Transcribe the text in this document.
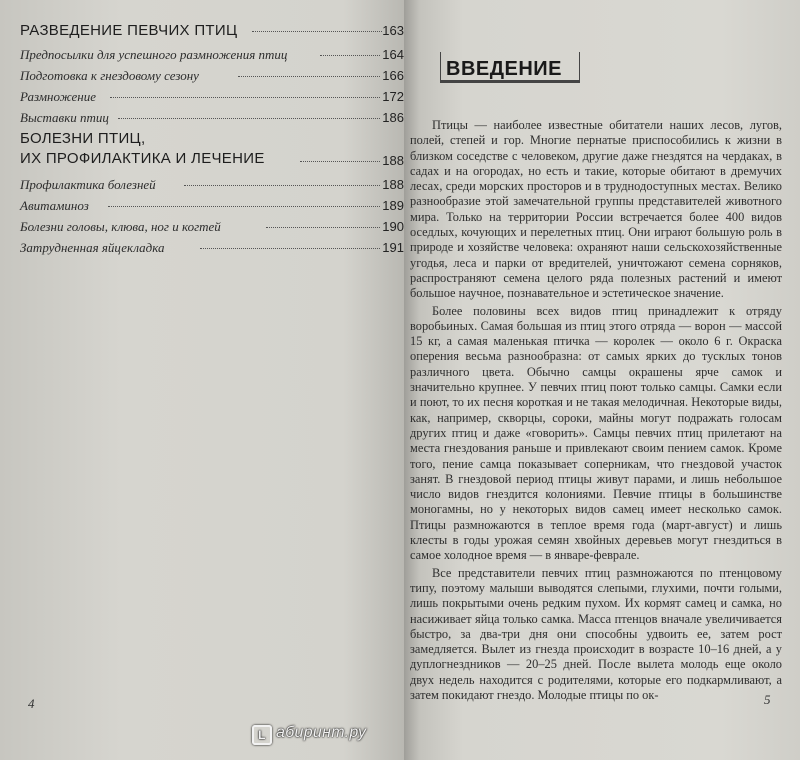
РАЗВЕДЕНИЕ ПЕВЧИХ ПТИЦ	163
Предпосылки для успешного размножения птиц	164
Подготовка к гнездовому сезону	166
Размножение	172
Выставки птиц	186
БОЛЕЗНИ ПТИЦ,
ИХ ПРОФИЛАКТИКА И ЛЕЧЕНИЕ	188
Профилактика болезней	188
Авитаминоз	189
Болезни головы, клюва, ног и когтей	190
Затрудненная яйцекладка	191
4
ВВЕДЕНИЕ

Птицы — наиболее известные обитатели наших лесов, лугов, полей, степей и гор. Многие пернатые приспособились к жизни в близком соседстве с человеком, другие даже гнездятся на чердаках, в садах и на огородах, но есть и такие, которые обитают в дремучих лесах, среди морских просторов и в труднодоступных местах. Велико разнообразие этой замечательной группы представителей животного мира. Только на территории России встречается более 400 видов оседлых, кочующих и перелетных птиц. Они играют большую роль в природе и хозяйстве человека: охраняют наши сельскохозяйственные угодья, леса и парки от вредителей, уничтожают семена сорняков, распространяют семена целого ряда полезных растений и имеют большое научное, познавательное и эстетическое значение.

Более половины всех видов птиц принадлежит к отряду воробьиных. Самая большая из птиц этого отряда — ворон — массой 15 кг, а самая маленькая птичка — королек — около 6 г. Окраска оперения весьма разнообразна: от самых ярких до тусклых тонов различного цвета. Обычно самцы окрашены ярче самок и значительно крупнее. У певчих птиц поют только самцы. Самки если и поют, то их песня короткая и не такая мелодичная. Некоторые виды, как, например, скворцы, сороки, майны могут подражать голосам других птиц и даже «говорить». Самцы певчих птиц прилетают на места гнездования раньше и привлекают своим пением самок. Кроме того, пение самца показывает соперникам, что гнездовой участок занят. В гнездовой период птицы живут парами, и лишь небольшое число видов гнездится колониями. Певчие птицы в большинстве моногамны, но у некоторых видов самец имеет несколько самок. Птицы размножаются в теплое время года (март-август) и лишь клесты в годы урожая семян хвойных деревьев могут гнездиться в самое холодное время — в январе-феврале.

Все представители певчих птиц размножаются по птенцовому типу, поэтому малыши выводятся слепыми, глухими, почти голыми, лишь покрытыми очень редким пухом. Их кормят самец и самка, но насиживает яйца только самка. Масса птенцов вначале увеличивается быстро, за два-три дня они способны удвоить ее, затем рост замедляется. Вылет из гнезда происходит в возрасте 10–16 дней, а у дуплогнездников — 20–25 дней. После вылета молодь еще около двух недель находится с родителями, которые его подкармливают, а затем покидают гнездо. Молодые птицы по ок-	5
L абиринт.ру
